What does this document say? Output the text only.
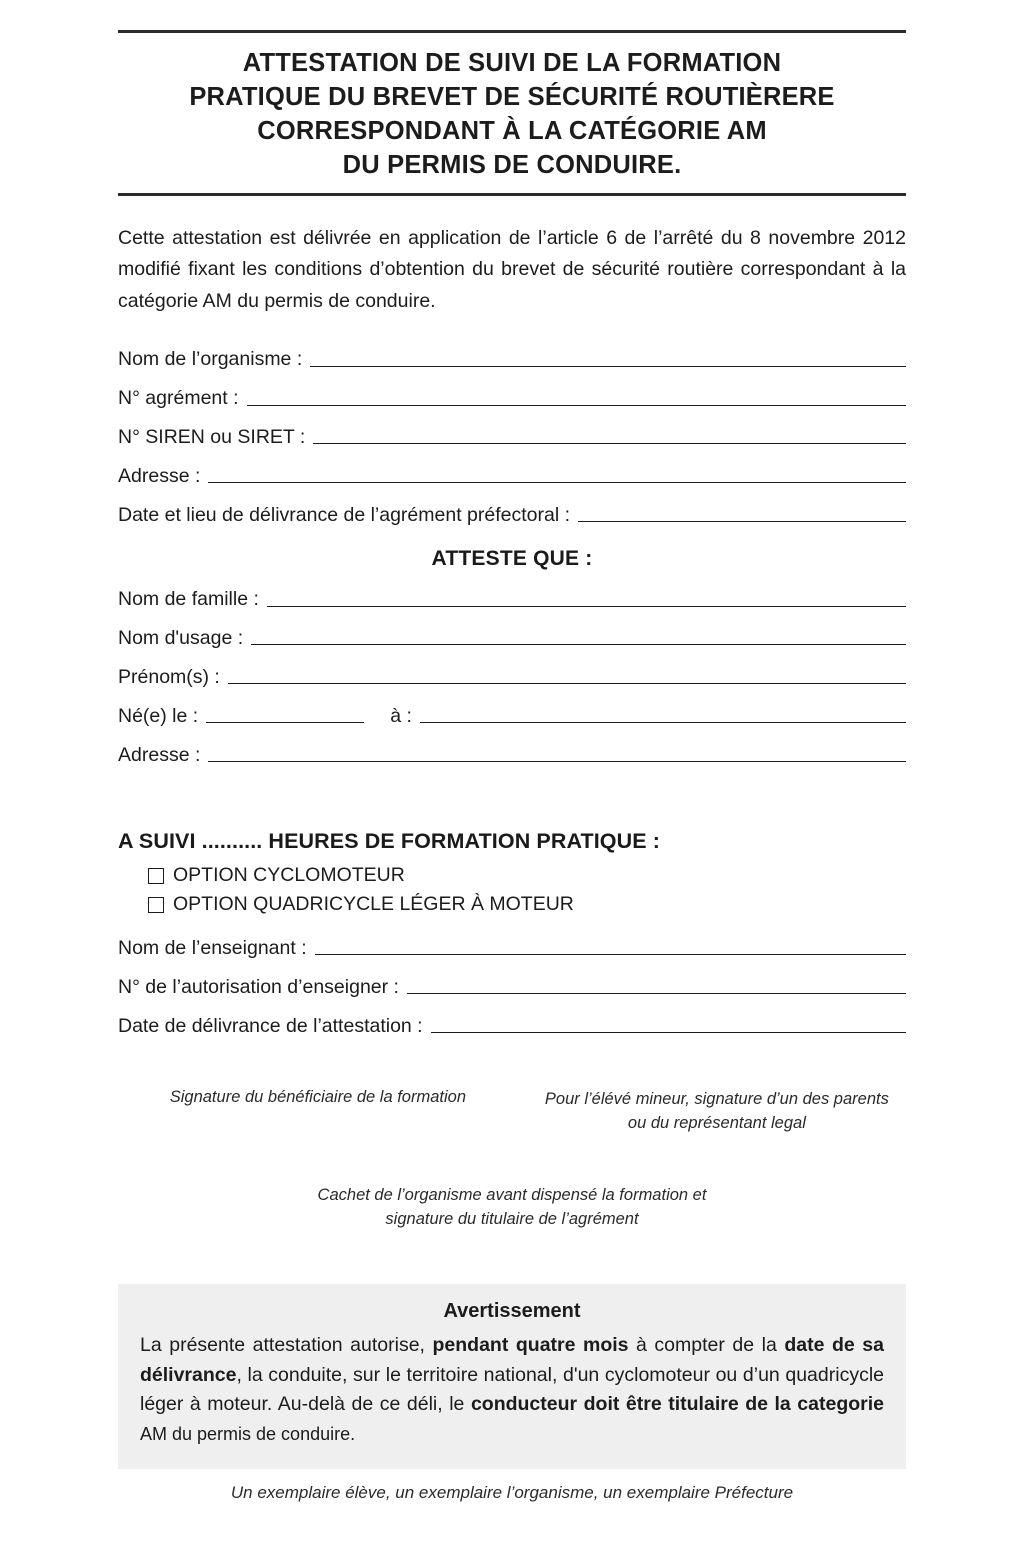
ATTESTATION DE SUIVI DE LA FORMATION
PRATIQUE DU BREVET DE SÉCURITÉ ROUTIÈRERE
CORRESPONDANT À LA CATÉGORIE AM
DU PERMIS DE CONDUIRE.

Cette attestation est délivrée en application de l’article 6 de l’arrêté du 8 novembre 2012 modifié fixant les conditions d’obtention du brevet de sécurité routière correspondant à la catégorie AM du permis de conduire.

Nom de l’organisme :
N° agrément :
N° SIREN ou SIRET :
Adresse :
Date et lieu de délivrance de l’agrément préfectoral :
ATTESTE QUE :
Nom de famille :
Nom d'usage :
Prénom(s) :
Né(e) le :	à :
Adresse :
A SUIVI .......... HEURES DE FORMATION PRATIQUE :
OPTION CYCLOMOTEUR
OPTION QUADRICYCLE LÉGER À MOTEUR
Nom de l’enseignant :
N° de l’autorisation d’enseigner :
Date de délivrance de l’attestation :
Signature du bénéficiaire de la formation	Pour l’élévé mineur, signature d’un des parents
ou du représentant legal
Cachet de l’organisme avant dispensé la formation et
signature du titulaire de l’agrément
Avertissement
La présente attestation autorise, pendant quatre mois à compter de la date de sa délivrance, la conduite, sur le territoire national, d'un cyclomoteur ou d’un quadricycle léger à moteur. Au-delà de ce déli, le conducteur doit être titulaire de la categorie AM du permis de conduire.
Un exemplaire élève, un exemplaire l’organisme, un exemplaire Préfecture
